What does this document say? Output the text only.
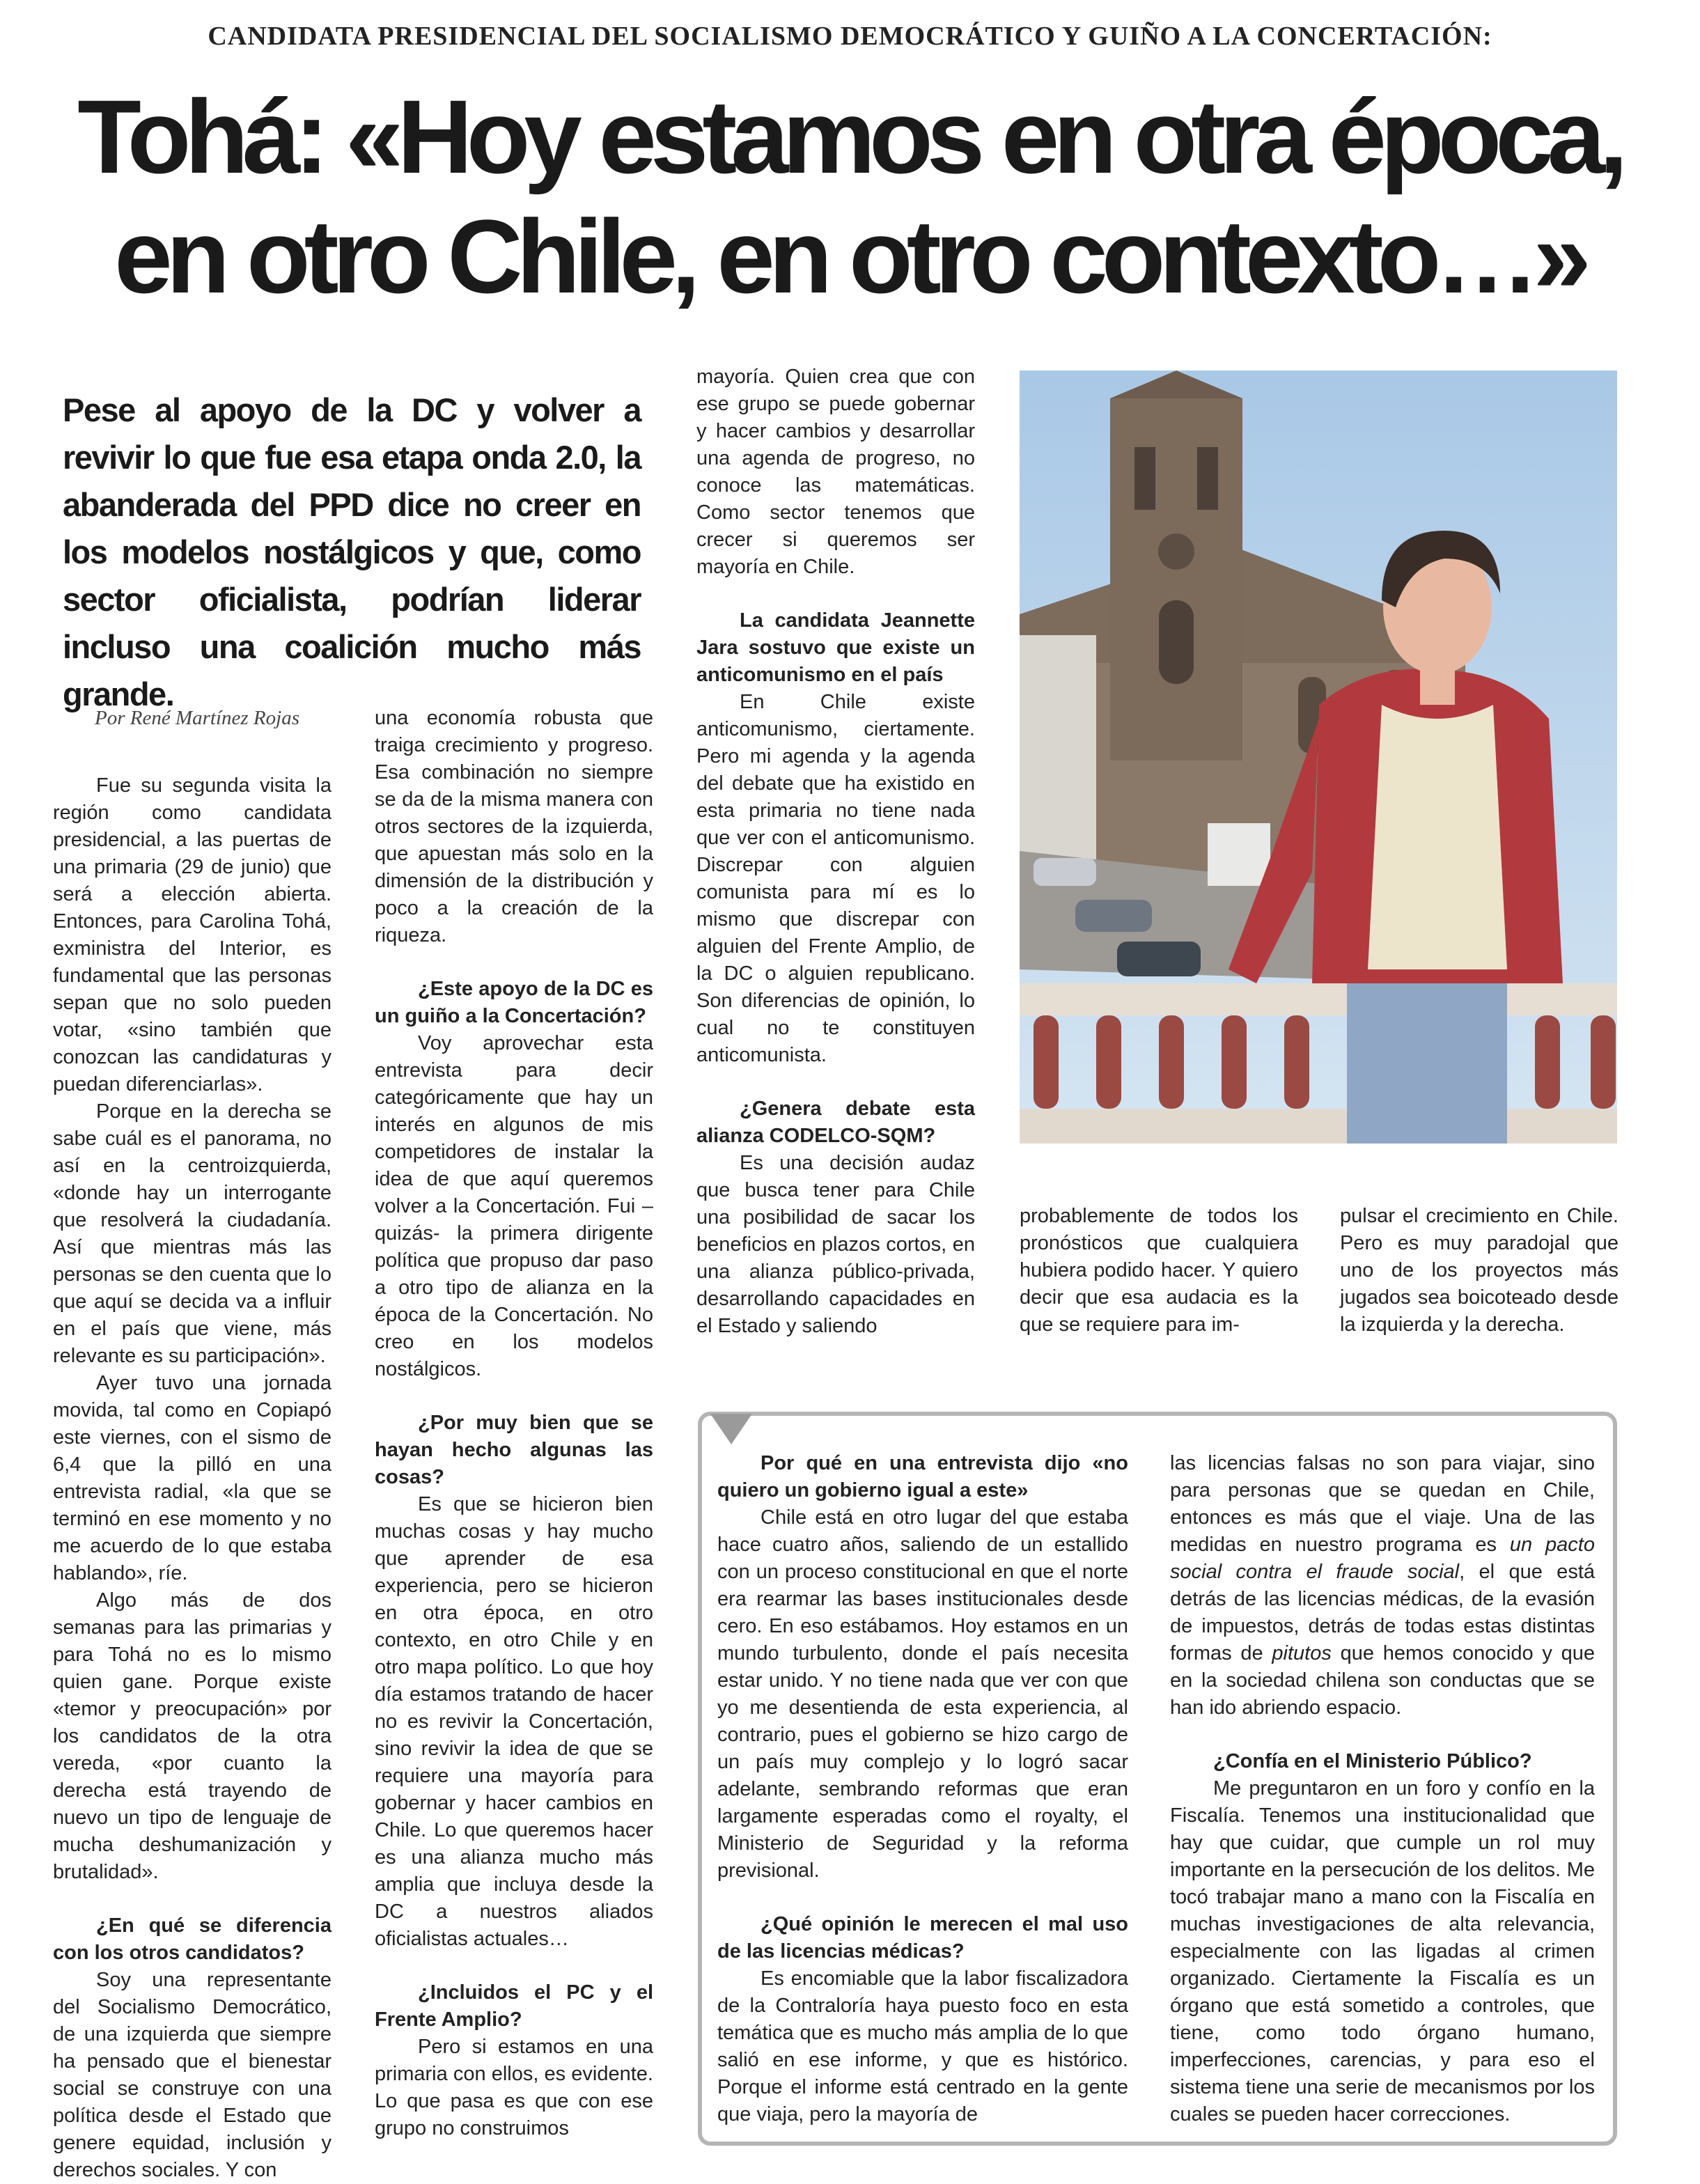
CANDIDATA PRESIDENCIAL DEL SOCIALISMO DEMOCRÁTICO Y GUIÑO A LA CONCERTACIÓN:
Tohá: «Hoy estamos en otra época,
en otro Chile, en otro contexto…»
Pese al apoyo de la DC y volver a revivir lo que fue esa etapa onda 2.0, la abanderada del PPD dice no creer en los modelos nostálgicos y que, como sector oficialista, podrían liderar incluso una coalición mucho más grande.
Por René Martínez Rojas

Fue su segunda visita la región como candidata presidencial, a las puertas de una primaria (29 de junio) que será a elección abierta. Entonces, para Carolina Tohá, exministra del Interior, es fundamental que las personas sepan que no solo pueden votar, «sino también que conozcan las candidaturas y puedan diferenciarlas».

Porque en la derecha se sabe cuál es el panorama, no así en la centroizquierda, «donde hay un interrogante que resolverá la ciudadanía. Así que mientras más las personas se den cuenta que lo que aquí se decida va a influir en el país que viene, más relevante es su participación».

Ayer tuvo una jornada movida, tal como en Copiapó este viernes, con el sismo de 6,4 que la pilló en una entrevista radial, «la que se terminó en ese momento y no me acuerdo de lo que estaba hablando», ríe.

Algo más de dos semanas para las primarias y para Tohá no es lo mismo quien gane. Porque existe «temor y preocupación» por los candidatos de la otra vereda, «por cuanto la derecha está trayendo de nuevo un tipo de lenguaje de mucha deshumanización y brutalidad».

¿En qué se diferencia con los otros candidatos?

Soy una representante del Socialismo Democrático, de una izquierda que siempre ha pensado que el bienestar social se construye con una política desde el Estado que genere equidad, inclusión y derechos sociales. Y con

una economía robusta que traiga crecimiento y progreso. Esa combinación no siempre se da de la misma manera con otros sectores de la izquierda, que apuestan más solo en la dimensión de la distribución y poco a la creación de la riqueza.

¿Este apoyo de la DC es un guiño a la Concertación?

Voy aprovechar esta entrevista para decir categóricamente que hay un interés en algunos de mis competidores de instalar la idea de que aquí queremos volver a la Concertación. Fui –quizás- la primera dirigente política que propuso dar paso a otro tipo de alianza en la época de la Concertación. No creo en los modelos nostálgicos.

¿Por muy bien que se hayan hecho algunas las cosas?

Es que se hicieron bien muchas cosas y hay mucho que aprender de esa experiencia, pero se hicieron en otra época, en otro contexto, en otro Chile y en otro mapa político. Lo que hoy día estamos tratando de hacer no es revivir la Concertación, sino revivir la idea de que se requiere una mayoría para gobernar y hacer cambios en Chile. Lo que queremos hacer es una alianza mucho más amplia que incluya desde la DC a nuestros aliados oficialistas actuales…

¿Incluidos el PC y el Frente Amplio?

Pero si estamos en una primaria con ellos, es evidente. Lo que pasa es que con ese grupo no construimos

mayoría. Quien crea que con ese grupo se puede gobernar y hacer cambios y desarrollar una agenda de progreso, no conoce las matemáticas. Como sector tenemos que crecer si queremos ser mayoría en Chile.

La candidata Jeannette Jara sostuvo que existe un anticomunismo en el país

En Chile existe anticomunismo, ciertamente. Pero mi agenda y la agenda del debate que ha existido en esta primaria no tiene nada que ver con el anticomunismo. Discrepar con alguien comunista para mí es lo mismo que discrepar con alguien del Frente Amplio, de la DC o alguien republicano. Son diferencias de opinión, lo cual no te constituyen anticomunista.

¿Genera debate esta alianza CODELCO-SQM?

Es una decisión audaz que busca tener para Chile una posibilidad de sacar los beneficios en plazos cortos, en una alianza público-privada, desarrollando capacidades en el Estado y saliendo

probablemente de todos los pronósticos que cualquiera hubiera podido hacer. Y quiero decir que esa audacia es la que se requiere para im-

pulsar el crecimiento en Chile. Pero es muy paradojal que uno de los proyectos más jugados sea boicoteado desde la izquierda y la derecha.

Por qué en una entrevista dijo «no quiero un gobierno igual a este»

Chile está en otro lugar del que estaba hace cuatro años, saliendo de un estallido con un proceso constitucional en que el norte era rearmar las bases institucionales desde cero. En eso estábamos. Hoy estamos en un mundo turbulento, donde el país necesita estar unido. Y no tiene nada que ver con que yo me desentienda de esta experiencia, al contrario, pues el gobierno se hizo cargo de un país muy complejo y lo logró sacar adelante, sembrando reformas que eran largamente esperadas como el royalty, el Ministerio de Seguridad y la reforma previsional.

¿Qué opinión le merecen el mal uso de las licencias médicas?

Es encomiable que la labor fiscalizadora de la Contraloría haya puesto foco en esta temática que es mucho más amplia de lo que salió en ese informe, y que es histórico. Porque el informe está centrado en la gente que viaja, pero la mayoría de

las licencias falsas no son para viajar, sino para personas que se quedan en Chile, entonces es más que el viaje. Una de las medidas en nuestro programa es un pacto social contra el fraude social, el que está detrás de las licencias médicas, de la evasión de impuestos, detrás de todas estas distintas formas de pitutos que hemos conocido y que en la sociedad chilena son conductas que se han ido abriendo espacio.

¿Confía en el Ministerio Público?

Me preguntaron en un foro y confío en la Fiscalía. Tenemos una institucionalidad que hay que cuidar, que cumple un rol muy importante en la persecución de los delitos. Me tocó trabajar mano a mano con la Fiscalía en muchas investigaciones de alta relevancia, especialmente con las ligadas al crimen organizado. Ciertamente la Fiscalía es un órgano que está sometido a controles, que tiene, como todo órgano humano, imperfecciones, carencias, y para eso el sistema tiene una serie de mecanismos por los cuales se pueden hacer correcciones.
